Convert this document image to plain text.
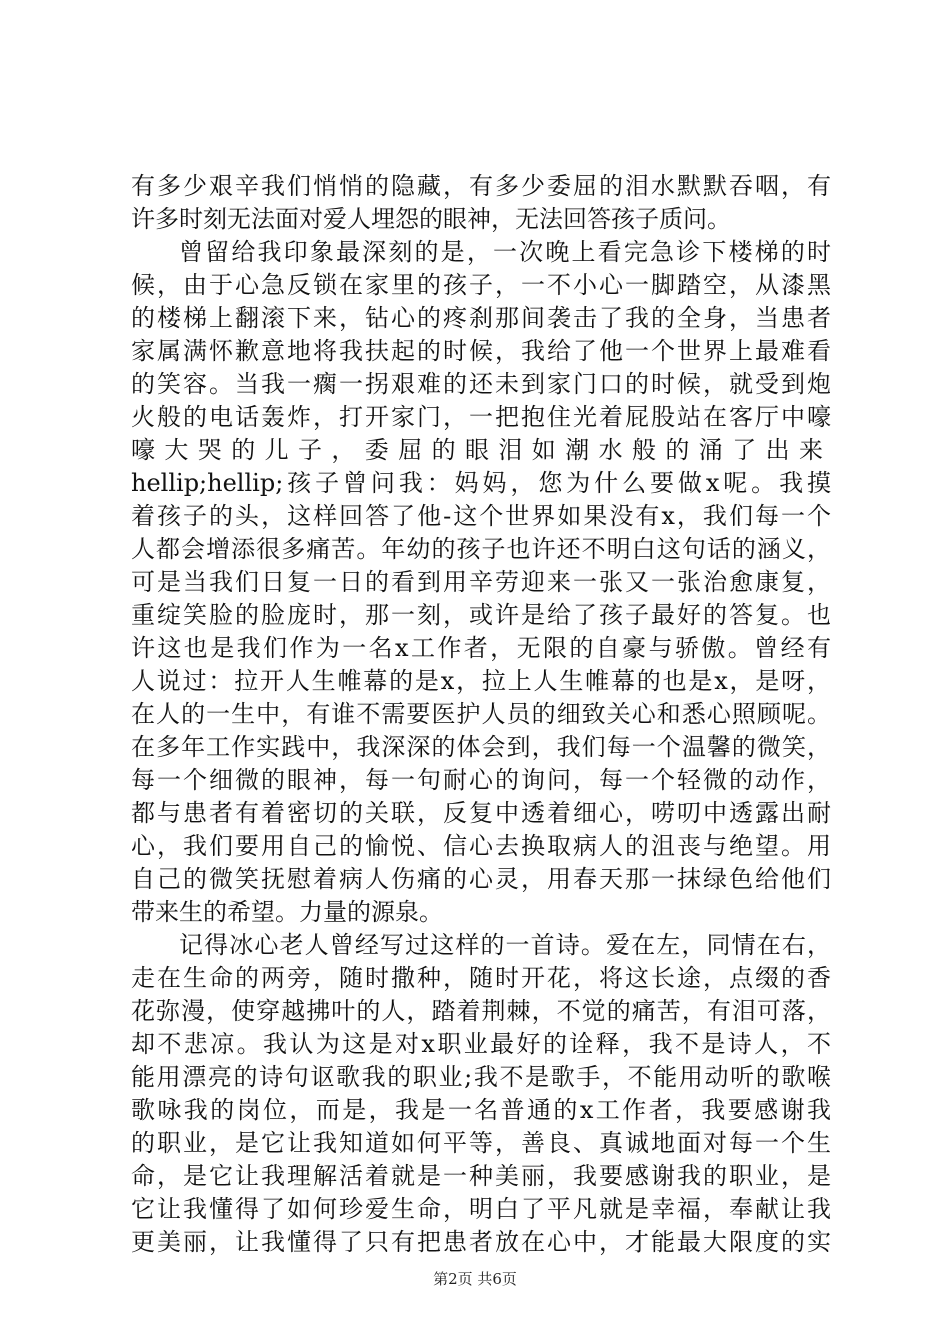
有多少艰辛我们悄悄的隐藏，有多少委屈的泪水默默吞咽，有
许多时刻无法面对爱人埋怨的眼神，无法回答孩子质问。
曾留给我印象最深刻的是，一次晚上看完急诊下楼梯的时
候，由于心急反锁在家里的孩子，一不小心一脚踏空，从漆黑
的楼梯上翻滚下来，钻心的疼刹那间袭击了我的全身，当患者
家属满怀歉意地将我扶起的时候，我给了他一个世界上最难看
的笑容。当我一瘸一拐艰难的还未到家门口的时候，就受到炮
火般的电话轰炸，打开家门，一把抱住光着屁股站在客厅中嚎
嚎大哭的儿子，委屈的眼泪如潮水般的涌了出来
hellip;hellip;孩子曾问我：妈妈，您为什么要做x呢。我摸
着孩子的头，这样回答了他-这个世界如果没有x，我们每一个
人都会增添很多痛苦。年幼的孩子也许还不明白这句话的涵义，
可是当我们日复一日的看到用辛劳迎来一张又一张治愈康复，
重绽笑脸的脸庞时，那一刻，或许是给了孩子最好的答复。也
许这也是我们作为一名x工作者，无限的自豪与骄傲。曾经有
人说过：拉开人生帷幕的是x，拉上人生帷幕的也是x，是呀，
在人的一生中，有谁不需要医护人员的细致关心和悉心照顾呢。
在多年工作实践中，我深深的体会到，我们每一个温馨的微笑，
每一个细微的眼神，每一句耐心的询问，每一个轻微的动作，
都与患者有着密切的关联，反复中透着细心，唠叨中透露出耐
心，我们要用自己的愉悦、信心去换取病人的沮丧与绝望。用
自己的微笑抚慰着病人伤痛的心灵，用春天那一抹绿色给他们
带来生的希望。力量的源泉。
记得冰心老人曾经写过这样的一首诗。爱在左，同情在右，
走在生命的两旁，随时撒种，随时开花，将这长途，点缀的香
花弥漫，使穿越拂叶的人，踏着荆棘，不觉的痛苦，有泪可落，
却不悲凉。我认为这是对x职业最好的诠释，我不是诗人，不
能用漂亮的诗句讴歌我的职业;我不是歌手，不能用动听的歌喉
歌咏我的岗位，而是，我是一名普通的x工作者，我要感谢我
的职业，是它让我知道如何平等，善良、真诚地面对每一个生
命，是它让我理解活着就是一种美丽，我要感谢我的职业，是
它让我懂得了如何珍爱生命，明白了平凡就是幸福，奉献让我
更美丽，让我懂得了只有把患者放在心中，才能最大限度的实
第2页 共6页
